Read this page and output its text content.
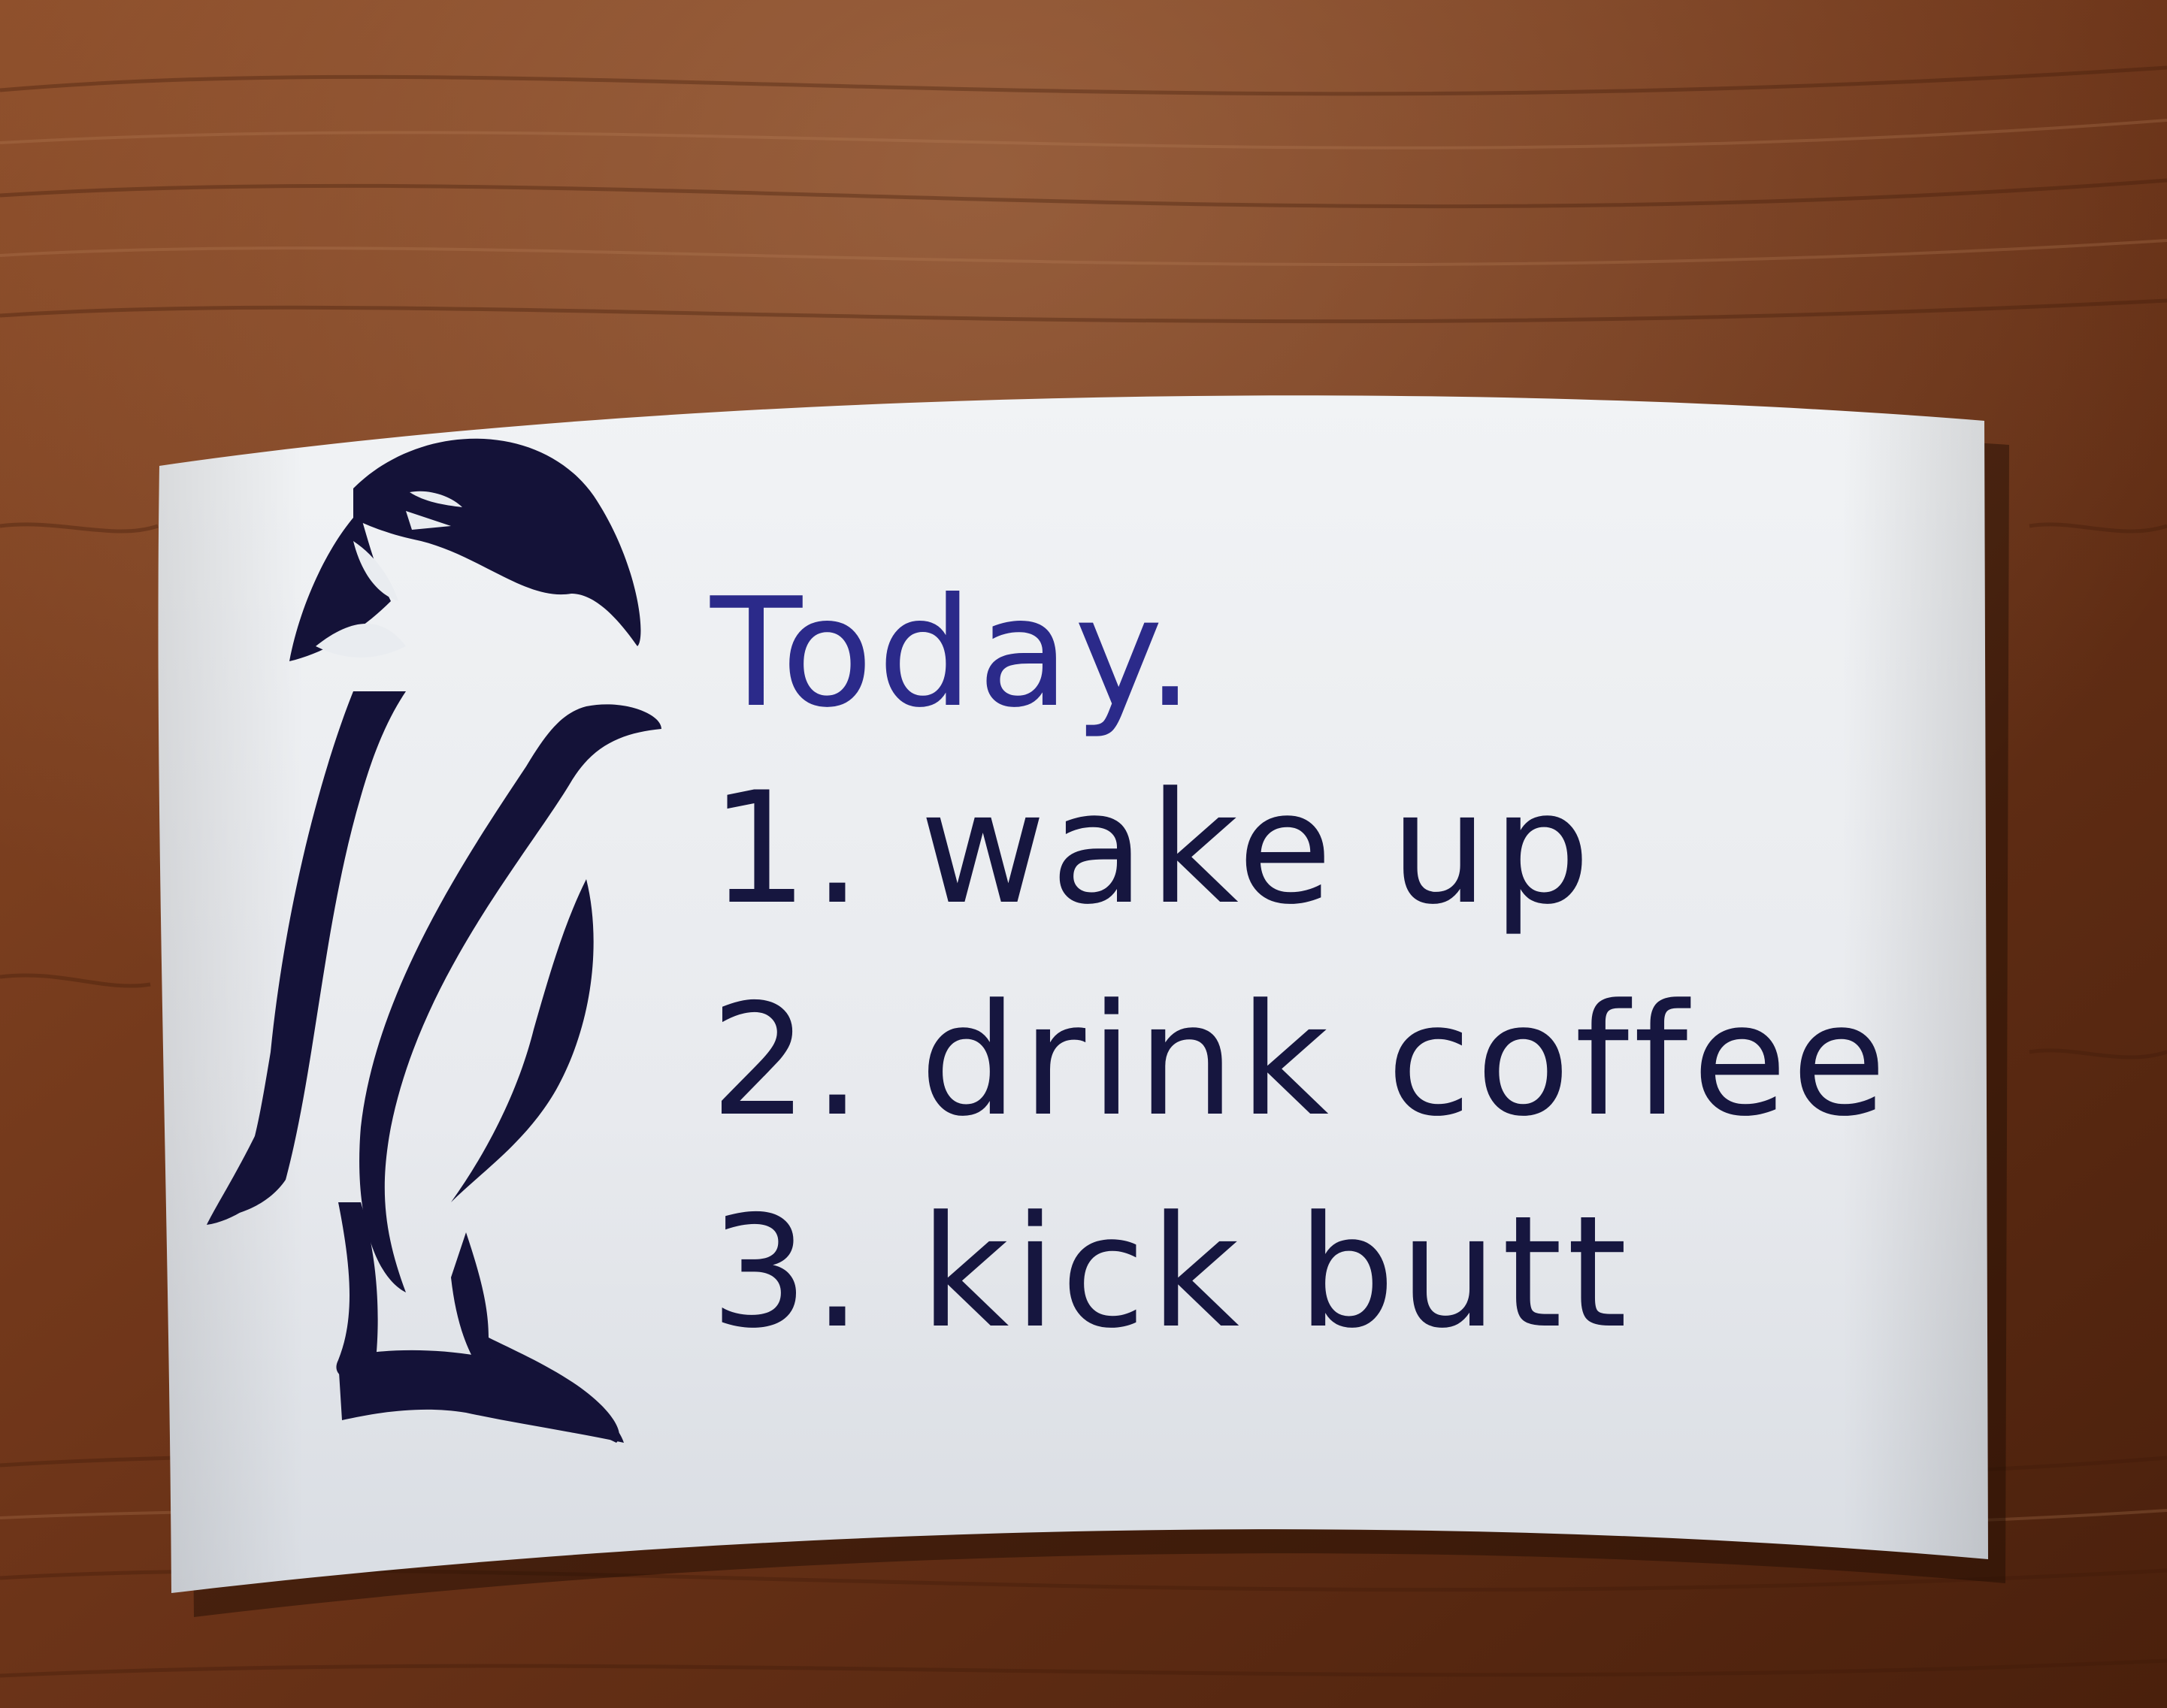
Today.
1. wake up
2. drink coffee
3. kick butt
